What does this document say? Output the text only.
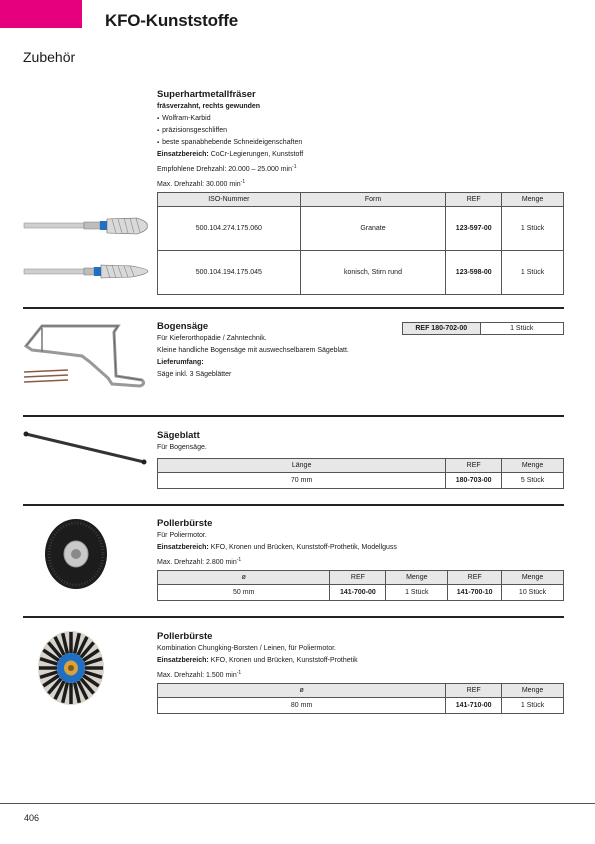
KFO-Kunststoffe
Zubehör
Superhartmetallfräser
fräsverzahnt, rechts gewunden
▪ Wolfram-Karbid
▪ präzisionsgeschliffen
▪ beste spanabhebende Schneideigenschaften
Einsatzbereich: CoCr-Legierungen, Kunststoff
Empfohlene Drehzahl: 20.000 – 25.000 $\min^{-1}$
Max. Drehzahl: 30.000 $\min^{-1}$
ISO-Nummer	Form	REF	Menge
500.104.274.175.060	Granate	123-597-00	1 Stück
500.104.194.175.045	konisch, Stirn rund	123-598-00	1 Stück
Bogensäge
Für Kieferorthopädie / Zahntechnik.
Kleine handliche Bogensäge mit auswechselbarem Sägeblatt.
Lieferumfang:
Säge inkl. 3 Sägeblätter
REF 180-702-00	1 Stück
Sägeblatt
Für Bogensäge.
Länge	REF	Menge
70 mm	180-703-00	5 Stück
Pollerbürste
Für Poliermotor.
Einsatzbereich: KFO, Kronen und Brücken, Kunststoff-Prothetik, Modellguss
Max. Drehzahl: 2.800 $\min^{-1}$
ø	REF	Menge	REF	Menge
50 mm	141-700-00	1 Stück	141-700-10	10 Stück
Pollerbürste
Kombination Chungking-Borsten / Leinen, für Poliermotor.
Einsatzbereich: KFO, Kronen und Brücken, Kunststoff-Prothetik
Max. Drehzahl: 1.500 $\min^{-1}$
ø	REF	Menge
80 mm	141-710-00	1 Stück
406
